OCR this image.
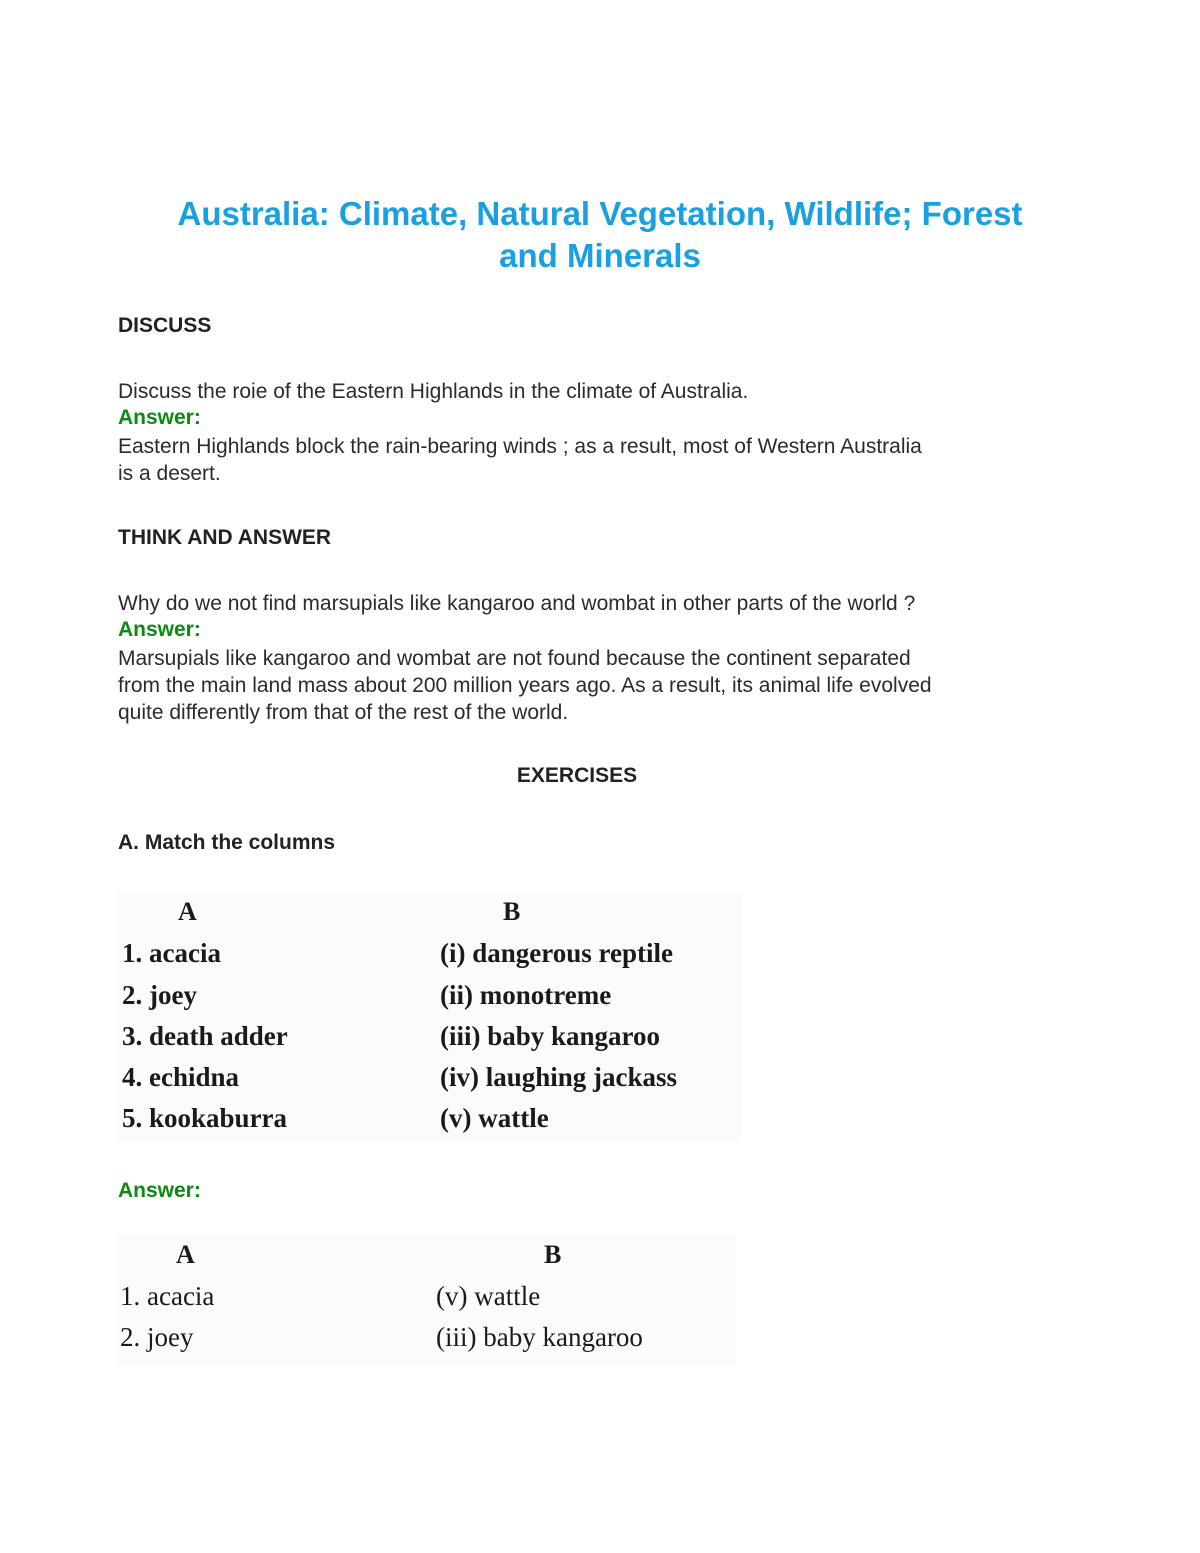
Australia: Climate, Natural Vegetation, Wildlife; Forest
and Minerals

DISCUSS

Discuss the roie of the Eastern Highlands in the climate of Australia.

Answer:

Eastern Highlands block the rain-bearing winds ; as a result, most of Western Australia

is a desert.

THINK AND ANSWER

Why do we not find marsupials like kangaroo and wombat in other parts of the world ?

Answer:

Marsupials like kangaroo and wombat are not found because the continent separated

from the main land mass about 200 million years ago. As a result, its animal life evolved

quite differently from that of the rest of the world.

EXERCISES

A. Match the columns

A	B
1. acacia	(i) dangerous reptile
2. joey	(ii) monotreme
3. death adder	(iii) baby kangaroo
4. echidna	(iv) laughing jackass
5. kookaburra	(v) wattle

Answer:

A	B
1. acacia	(v) wattle
2. joey	(iii) baby kangaroo
